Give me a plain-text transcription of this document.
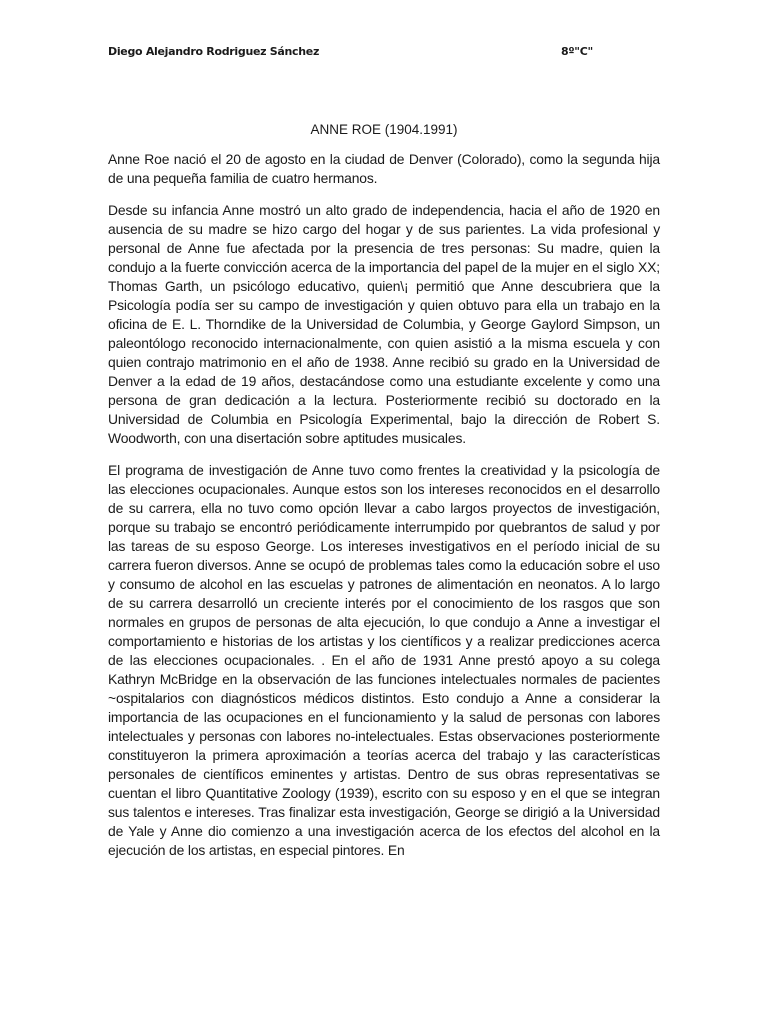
Diego Alejandro Rodriguez Sánchez	8º"C"
ANNE ROE (1904.1991)

Anne Roe nació el 20 de agosto en la ciudad de Denver (Colorado), como la segunda hija de una pequeña familia de cuatro hermanos.

Desde su infancia Anne mostró un alto grado de independencia, hacia el año de 1920 en ausencia de su madre se hizo cargo del hogar y de sus parientes. La vida profesional y personal de Anne fue afectada por la presencia de tres personas: Su madre, quien la condujo a la fuerte convicción acerca de la importancia del papel de la mujer en el siglo XX; Thomas Garth, un psicólogo educativo, quien\¡ permitió que Anne descubriera que la Psicología podía ser su campo de investigación y quien obtuvo para ella un trabajo en la oficina de E. L. Thorndike de la Universidad de Columbia, y George Gaylord Simpson, un paleontólogo reconocido internacionalmente, con quien asistió a la misma escuela y con quien contrajo matrimonio en el año de 1938. Anne recibió su grado en la Universidad de Denver a la edad de 19 años, destacándose como una estudiante excelente y como una persona de gran dedicación a la lectura. Posteriormente recibió su doctorado en la Universidad de Columbia en Psicología Experimental, bajo la dirección de Robert S. Woodworth, con una disertación sobre aptitudes musicales.

El programa de investigación de Anne tuvo como frentes la creatividad y la psicología de las elecciones ocupacionales. Aunque estos son los intereses reconocidos en el desarrollo de su carrera, ella no tuvo como opción llevar a cabo largos proyectos de investigación, porque su trabajo se encontró periódicamente interrumpido por quebrantos de salud y por las tareas de su esposo George. Los intereses investigativos en el período inicial de su carrera fueron diversos. Anne se ocupó de problemas tales como la educación sobre el uso y consumo de alcohol en las escuelas y patrones de alimentación en neonatos. A lo largo de su carrera desarrolló un creciente interés por el conocimiento de los rasgos que son normales en grupos de personas de alta ejecución, lo que condujo a Anne a investigar el comportamiento e historias de los artistas y los científicos y a realizar predicciones acerca de las elecciones ocupacionales. . En el año de 1931 Anne prestó apoyo a su colega Kathryn McBridge en la observación de las funciones intelectuales normales de pacientes ~ospitalarios con diagnósticos médicos distintos. Esto condujo a Anne a considerar la importancia de las ocupaciones en el funcionamiento y la salud de personas con labores intelectuales y personas con labores no-intelectuales. Estas observaciones posteriormente constituyeron la primera aproximación a teorías acerca del trabajo y las características personales de científicos eminentes y artistas. Dentro de sus obras representativas se cuentan el libro Quantitative Zoology (1939), escrito con su esposo y en el que se integran sus talentos e intereses. Tras finalizar esta investigación, George se dirigió a la Universidad de Yale y Anne dio comienzo a una investigación acerca de los efectos del alcohol en la ejecución de los artistas, en especial pintores. En
